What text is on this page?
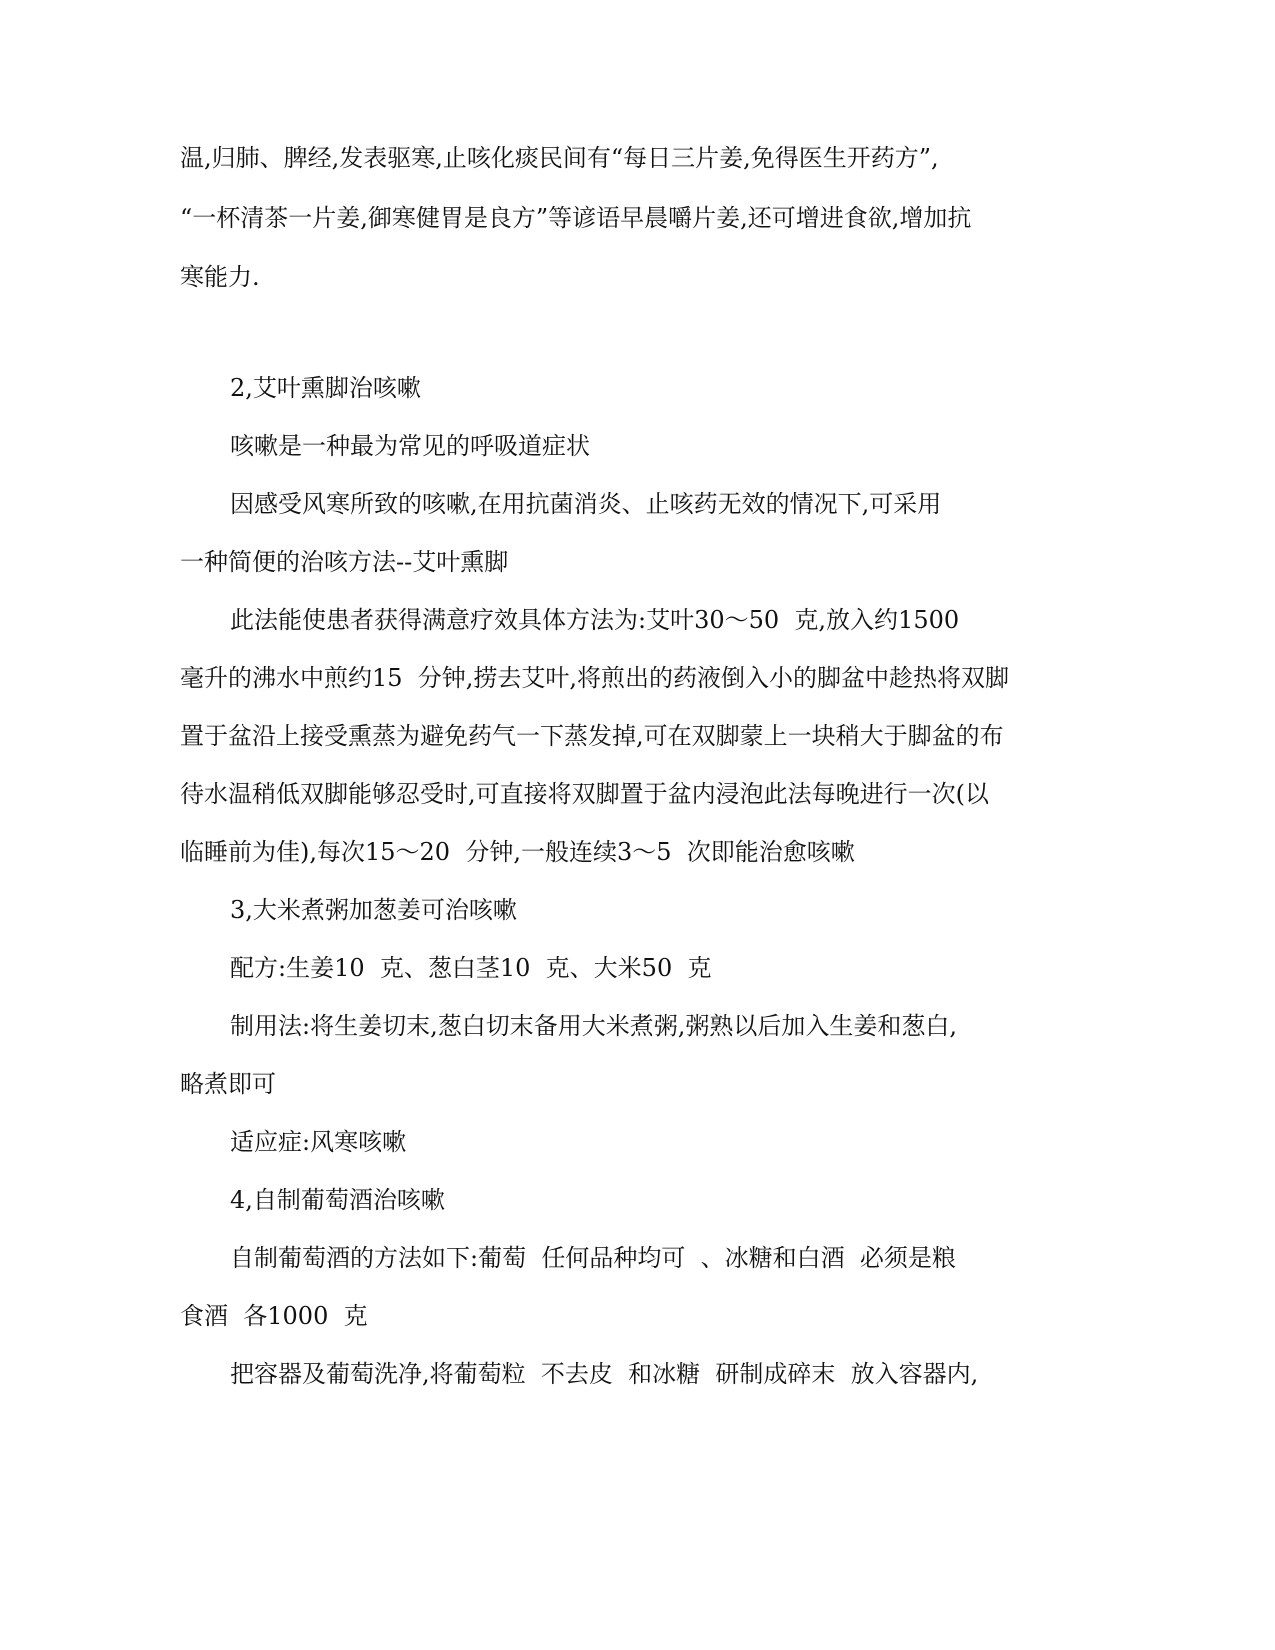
温,归肺、脾经,发表驱寒,止咳化痰民间有“每日三片姜,免得医生开药方”,
“一杯清茶一片姜,御寒健胃是良方”等谚语早晨嚼片姜,还可增进食欲,增加抗
寒能力.
2,艾叶熏脚治咳嗽
咳嗽是一种最为常见的呼吸道症状
因感受风寒所致的咳嗽,在用抗菌消炎、止咳药无效的情况下,可采用
一种简便的治咳方法--艾叶熏脚
此法能使患者获得满意疗效具体方法为:艾叶30～50  克,放入约1500
毫升的沸水中煎约15  分钟,捞去艾叶,将煎出的药液倒入小的脚盆中趁热将双脚
置于盆沿上接受熏蒸为避免药气一下蒸发掉,可在双脚蒙上一块稍大于脚盆的布
待水温稍低双脚能够忍受时,可直接将双脚置于盆内浸泡此法每晚进行一次(以
临睡前为佳),每次15～20  分钟,一般连续3～5  次即能治愈咳嗽
3,大米煮粥加葱姜可治咳嗽
配方:生姜10  克、葱白茎10  克、大米50  克
制用法:将生姜切末,葱白切末备用大米煮粥,粥熟以后加入生姜和葱白,
略煮即可
适应症:风寒咳嗽
4,自制葡萄酒治咳嗽
自制葡萄酒的方法如下:葡萄  任何品种均可  、冰糖和白酒  必须是粮
食酒  各1000  克
把容器及葡萄洗净,将葡萄粒  不去皮  和冰糖  研制成碎末  放入容器内,
